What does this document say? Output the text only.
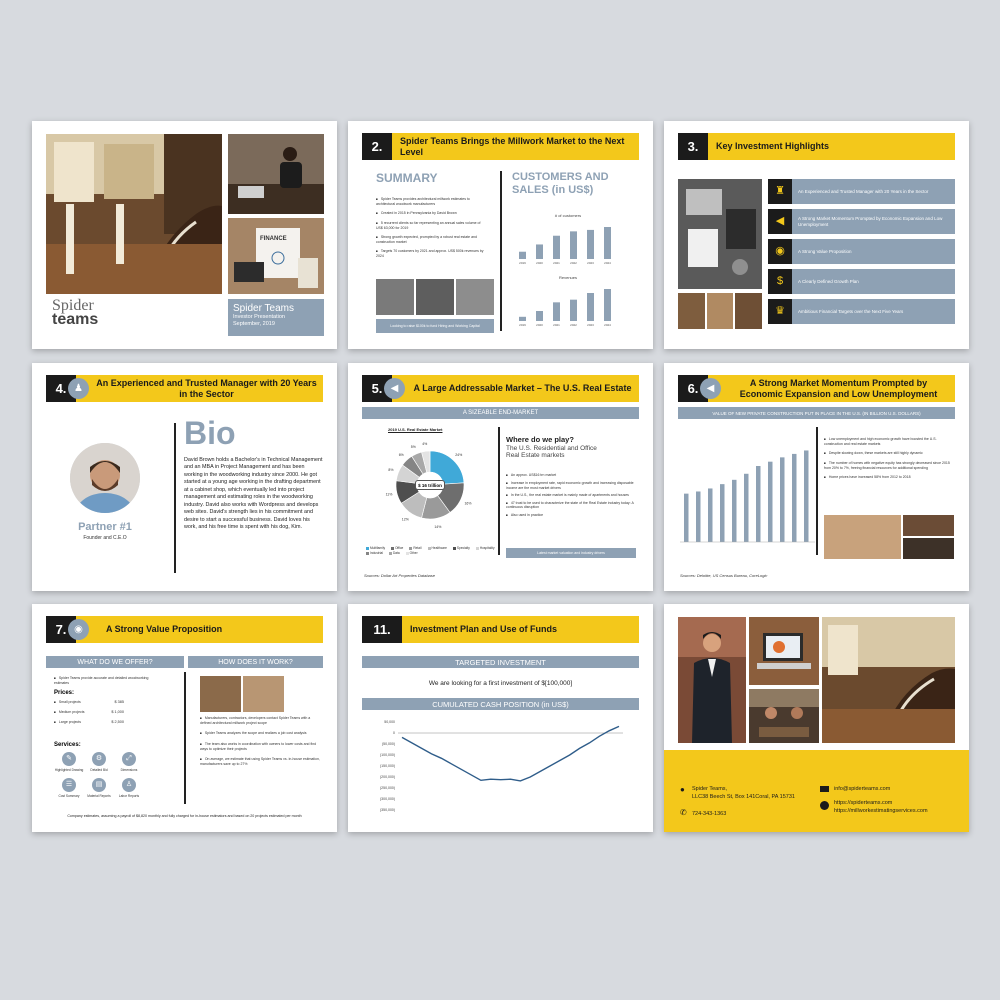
FINANCE
Spider
teams
Spider Teams
Investor Presentation
September, 2019
2.	Spider Teams Brings the Millwork Market to the Next Level
SUMMARY
■ Spider Teams provides architectural millwork estimates to architectural woodwork manufacturers
■ Created in 2015 in Pennsylvania by David Brown
■ 5 recurrent clients so far representing an annual sales volume of US$ 63,000 for 2019
■ Strong growth expected, prompted by a robust real estate and construction market
■ Targets 70 customers by 2021 and approx. US$ 500k revenues by 2024
Looking to raise $100k to fund Hiring and Working Capital
CUSTOMERS AND
SALES (in US$)
# of customers
2019	2020	2021	2022	2023	2024
Revenues
2019	2020	2021	2022	2023	2024
3.	Key Investment Highlights
♜	An Experienced and Trusted Manager with 20 Years in the Sector
◀	A Strong Market Momentum Prompted by Economic Expansion and Low Unemployment
◉	A Strong Value Proposition
$	A Clearly Defined Growth Plan
♛	Ambitious Financial Targets over the Next Five Years
4. ♟	An Experienced and Trusted Manager with 20 Years in the Sector
Partner #1
Founder and C.E.O
Bio
David Brown holds a Bachelor's in Technical Management and an MBA in Project Management and has been working in the woodworking industry since 2000. He got started at a young age working in the drafting department at a cabinet shop, which eventually led into project management and estimating roles in the woodworking industry. David also works with Wordpress and develops web sites. David's strength lies in his commitment and desire to start a successful business. David loves his work, and his free time is spent with his dog, Kim.
5. ◀	A Large Addressable Market – The U.S. Real Estate
A SIZEABLE END-MARKET
2019 U.S. Real Estate Market
24%
16%
14%
12%
11%
8%
6%
5%
4%
$ 16 trillion
Multifamily	Office	Retail	Healthcare	Specialty	Hospitality
Industrial	Data	Other
Where do we play?
The U.S. Residential and Office Real Estate markets
■ An approx. US$16 trn market
■ Increase in employment rate, rapid economic growth and increasing disposable income are the most market drivers
■ In the U.S., the real estate market is mainly made of apartments and houses
■ 47 trust to be used to characterize the state of the Real Estate industry today: A continuous disruption
■ Also used in practice
Latest market valuation and industry drivers
Sources: Dollar Art Properties Database
6. ◀	A Strong Market Momentum Prompted by Economic Expansion and Low Unemployment
VALUE OF NEW PRIVATE CONSTRUCTION PUT IN PLACE IN THE U.S. (IN BILLION U.S. DOLLARS)
■ Low unemployment and high economic growth have boosted the U.S. construction and real estate markets
■ Despite slowing down, these markets are still highly dynamic
■ The number of homes with negative equity has strongly decreased since 2015 from 20% to 7%, freeing financial resources for additional spending
■ Home prices have increased 58% from 2012 to 2018
Sources: Deloitte, US Census Bureau, CoreLogic
7. ◉	A Strong Value Proposition
WHAT DO WE OFFER?	HOW DOES IT WORK?
■ Spider Teams provide accurate and detailed woodworking estimates
Prices:
■ Small projects	$ 385
■ Medium projects	$ 1,000
■ Large projects	$ 2,500
Services:
✎
Highlighted Drawing
⚙
Detailed Bid
⤢
Dimensions
☰
Cost Summary
▤
Material Reports
♙
Labor Reports
■ Manufacturers, contractors, developers contact Spider Teams with a defined architectural millwork project scope
■ Spider Teams analyzes the scope and realizes a job cost analysis
■ The team also works in coordination with owners to lower costs and find ways to optimize their projects
■ On average, we estimate that using Spider Teams vs. in-house estimation, manufacturers save up to 27%
Company estimates, assuming a payroll of $8,820 monthly and fully charged for in-house estimators and based on 20 projects estimated per month
11.	Investment Plan and Use of Funds
TARGETED INVESTMENT
We are looking for a first investment of $[100,000]
CUMULATED CASH POSITION (in US$)
50,000
0
(50,000)
(100,000)
(150,000)
(200,000)
(250,000)
(300,000)
(350,000)
● Spider Teams,
LLC38 Beech St, Box 141Coral, PA 15731
✆ 724-343-1363
info@spiderteams.com
https://spiderteams.com
https://millworkestimatingservices.com
